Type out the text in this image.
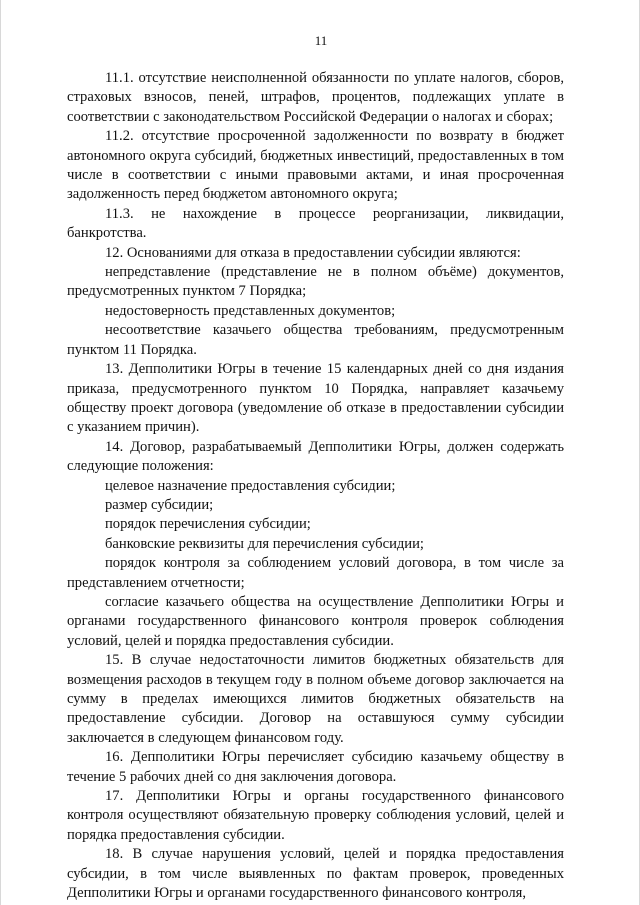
11

11.1. отсутствие неисполненной обязанности по уплате налогов, сборов, страховых взносов, пеней, штрафов, процентов, подлежащих уплате в соответствии с законодательством Российской Федерации о налогах и сборах;

11.2. отсутствие просроченной задолженности по возврату в бюджет автономного округа субсидий, бюджетных инвестиций, предоставленных в том числе в соответствии с иными правовыми актами, и иная просроченная задолженность перед бюджетом автономного округа;

11.3. не нахождение в процессе реорганизации, ликвидации, банкротства.

12. Основаниями для отказа в предоставлении субсидии являются:

непредставление (представление не в полном объёме) документов, предусмотренных пунктом 7 Порядка;

недостоверность представленных документов;

несоответствие казачьего общества требованиям, предусмотренным пунктом 11 Порядка.

13. Депполитики Югры в течение 15 календарных дней со дня издания приказа, предусмотренного пунктом 10 Порядка, направляет казачьему обществу проект договора (уведомление об отказе в предоставлении субсидии с указанием причин).

14. Договор, разрабатываемый Депполитики Югры, должен содержать следующие положения:

целевое назначение предоставления субсидии;

размер субсидии;

порядок перечисления субсидии;

банковские реквизиты для перечисления субсидии;

порядок контроля за соблюдением условий договора, в том числе за представлением отчетности;

согласие казачьего общества на осуществление Депполитики Югры и органами государственного финансового контроля проверок соблюдения условий, целей и порядка предоставления субсидии.

15. В случае недостаточности лимитов бюджетных обязательств для возмещения расходов в текущем году в полном объеме договор заключается на сумму в пределах имеющихся лимитов бюджетных обязательств на предоставление субсидии. Договор на оставшуюся сумму субсидии заключается в следующем финансовом году.

16. Депполитики Югры перечисляет субсидию казачьему обществу в течение 5 рабочих дней со дня заключения договора.

17. Депполитики Югры и органы государственного финансового контроля осуществляют обязательную проверку соблюдения условий, целей и порядка предоставления субсидии.

18. В случае нарушения условий, целей и порядка предоставления субсидии, в том числе выявленных по фактам проверок, проведенных Депполитики Югры и органами государственного финансового контроля,
